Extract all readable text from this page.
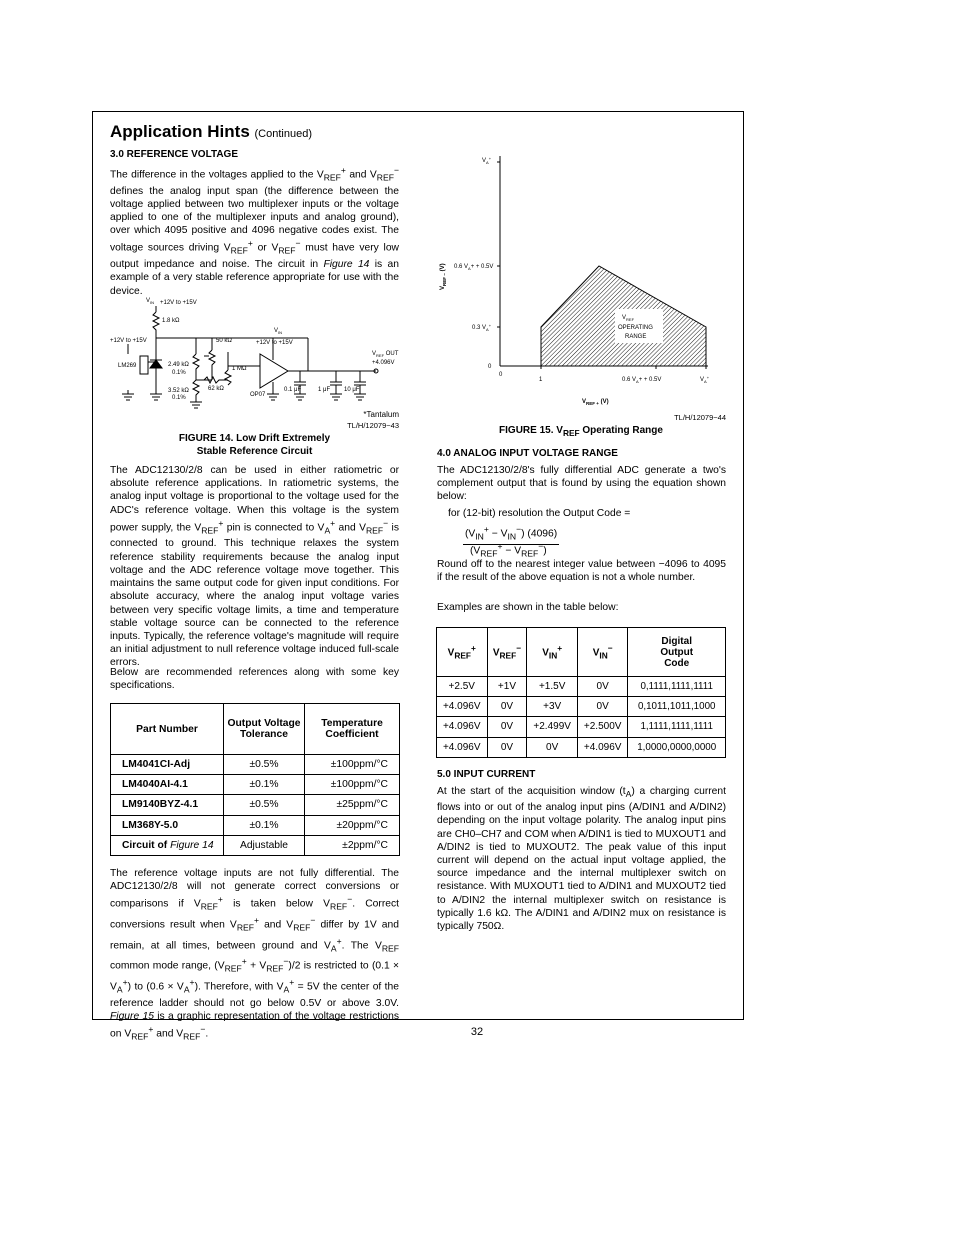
Application Hints (Continued)
3.0 REFERENCE VOLTAGE
The difference in the voltages applied to the $V_{REF}^+$ and $V_{REF}^-$ defines the analog input span (the difference between the voltage applied between two multiplexer inputs or the voltage applied to one of the multiplexer inputs and analog ground), over which 4095 positive and 4096 negative codes exist. The voltage sources driving $V_{REF}^+$ or $V_{REF}^-$ must have very low output impedance and noise. The circuit in Figure 14 is an example of a very stable reference appropriate for use with the device.
$V_{IN} +12V$ to +15V
1.8 kΩ
+12V to +15V
LM269	2.49 kΩ
0.1%
3.52 kΩ
0.1%
62 kΩ
50 kΩ
1 MΩ
$V_{IN}$
+12V to +15V
OP07
0.1 μF	1 μF 10 μF
$V_{REF}$ OUT
+4.096V
*Tantalum
TL/H/12079−43
FIGURE 14. Low Drift Extremely
Stable Reference Circuit
The ADC12130/2/8 can be used in either ratiometric or absolute reference applications. In ratiometric systems, the analog input voltage is proportional to the voltage used for the ADC's reference voltage. When this voltage is the system power supply, the $V_{REF}^+$ pin is connected to $V_A^+$ and $V_{REF}^-$ is connected to ground. This technique relaxes the system reference stability requirements because the analog input voltage and the ADC reference voltage move together. This maintains the same output code for given input conditions. For absolute accuracy, where the analog input voltage varies between very specific voltage limits, a time and temperature stable voltage source can be connected to the reference inputs. Typically, the reference voltage's magnitude will require an initial adjustment to null reference voltage induced full-scale errors.
Below are recommended references along with some key specifications.
Part Number	Output Voltage Tolerance	Temperature Coefficient
LM4041CI-Adj	±0.5%	±100ppm/°C
LM4040AI-4.1	±0.1%	±100ppm/°C
LM9140BYZ-4.1	±0.5%	±25ppm/°C
LM368Y-5.0	±0.1%	±20ppm/°C
Circuit of Figure 14	Adjustable	±2ppm/°C
The reference voltage inputs are not fully differential. The ADC12130/2/8 will not generate correct conversions or comparisons if $V_{REF}^+$ is taken below $V_{REF}^-$. Correct conversions result when $V_{REF}^+$ and $V_{REF}^-$ differ by 1V and remain, at all times, between ground and $V_A^+$. The $V_{REF}$ common mode range, $(V_{REF}^+ + V_{REF}^-)/2$ is restricted to $(0.1 \times V_A^+)$ to $(0.6 \times V_A^+)$. Therefore, with $V_A^+ = 5V$ the center of the reference ladder should not go below 0.5V or above 3.0V. Figure 15 is a graphic representation of the voltage restrictions on $V_{REF}^+$ and $V_{REF}^-$.
$V_A^+$
0.6 $V_A+ + 0.5V$
0.3 $V_A^+$
0
0
1	0.6 $V_A+ + 0.5V$	$V_A^+$
$V_{REF +}$ (V)
$V_{REF -}$ (V)
$V_{REF}$
OPERATING
RANGE
TL/H/12079−44
FIGURE 15. $V_{REF}$ Operating Range
4.0 ANALOG INPUT VOLTAGE RANGE
The ADC12130/2/8's fully differential ADC generate a two's complement output that is found by using the equation shown below:
for (12-bit) resolution the Output Code =
$(V_{IN}^+ - V_{IN}^-)$ (4096)
$(V_{REF}^+ - V_{REF}^-)$
Round off to the nearest integer value between −4096 to 4095 if the result of the above equation is not a whole number.
Examples are shown in the table below:
$V_{REF}^+$	$V_{REF}^-$	$V_{IN}^+$	$V_{IN}^-$	Digital
Output
Code
+2.5V	+1V	+1.5V	0V	0,1111,1111,1111
+4.096V	0V	+3V	0V	0,1011,1011,1000
+4.096V	0V	+2.499V	+2.500V	1,1111,1111,1111
+4.096V	0V	0V	+4.096V	1,0000,0000,0000
5.0 INPUT CURRENT
At the start of the acquisition window $(t_A)$ a charging current flows into or out of the analog input pins (A/DIN1 and A/DIN2) depending on the input voltage polarity. The analog input pins are CH0–CH7 and COM when A/DIN1 is tied to MUXOUT1 and A/DIN2 is tied to MUXOUT2. The peak value of this input current will depend on the actual input voltage applied, the source impedance and the internal multiplexer switch on resistance. With MUXOUT1 tied to A/DIN1 and MUXOUT2 tied to A/DIN2 the internal multiplexer switch on resistance is typically 1.6 kΩ. The A/DIN1 and A/DIN2 mux on resistance is typically 750Ω.
32
